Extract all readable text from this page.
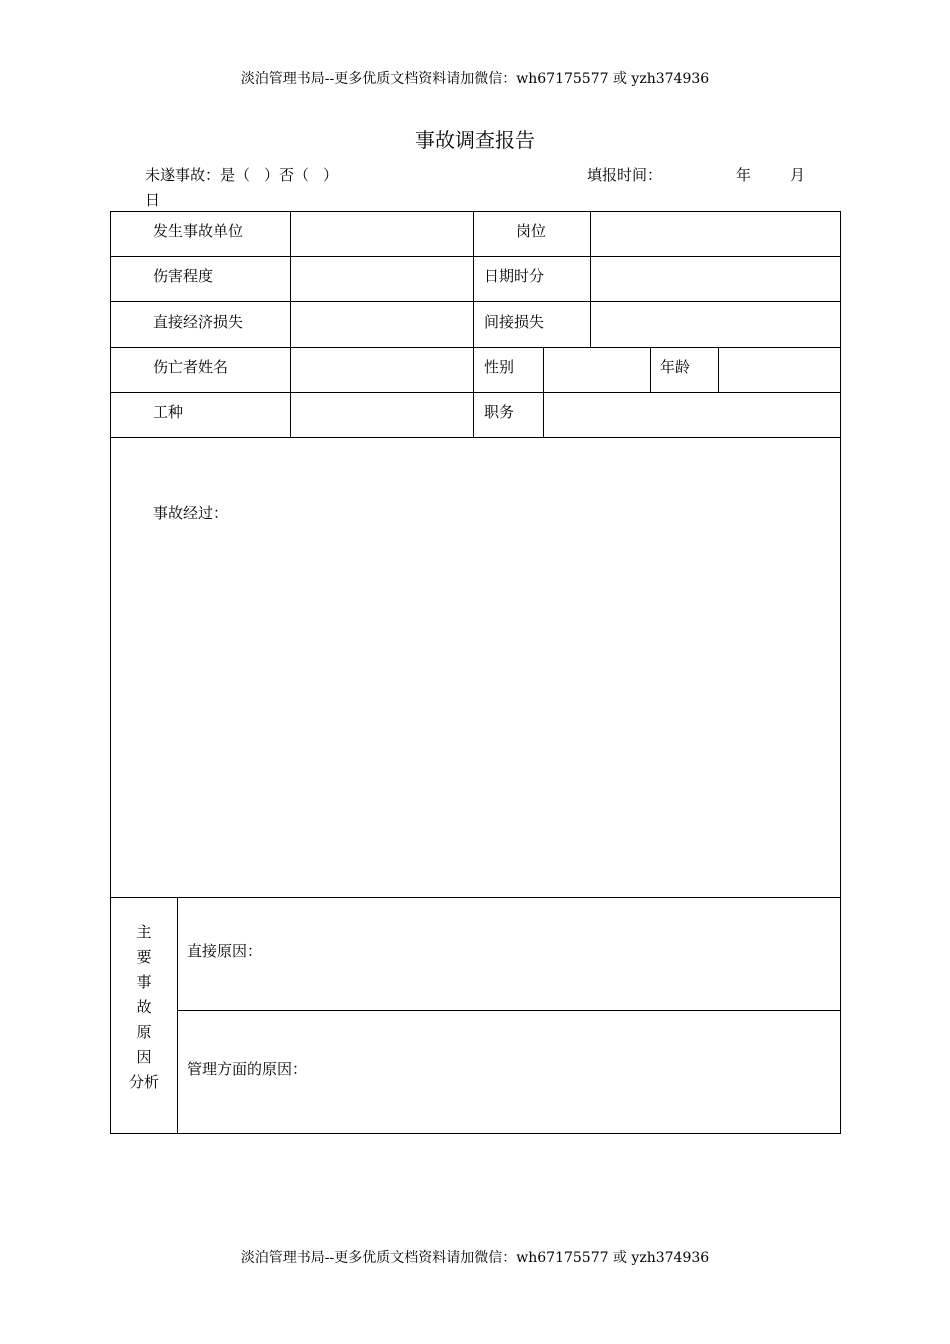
淡泊管理书局--更多优质文档资料请加微信：wh67175577 或 yzh374936
事故调查报告
未遂事故：是（ ）否（ ）	填报时间：	年	月
日
发生事故单位	岗位
伤害程度	日期时分
直接经济损失	间接损失
伤亡者姓名	性别	年龄
工种	职务
事故经过：
主
要
事
故
原
因
分析
直接原因：
管理方面的原因：
淡泊管理书局--更多优质文档资料请加微信：wh67175577 或 yzh374936
